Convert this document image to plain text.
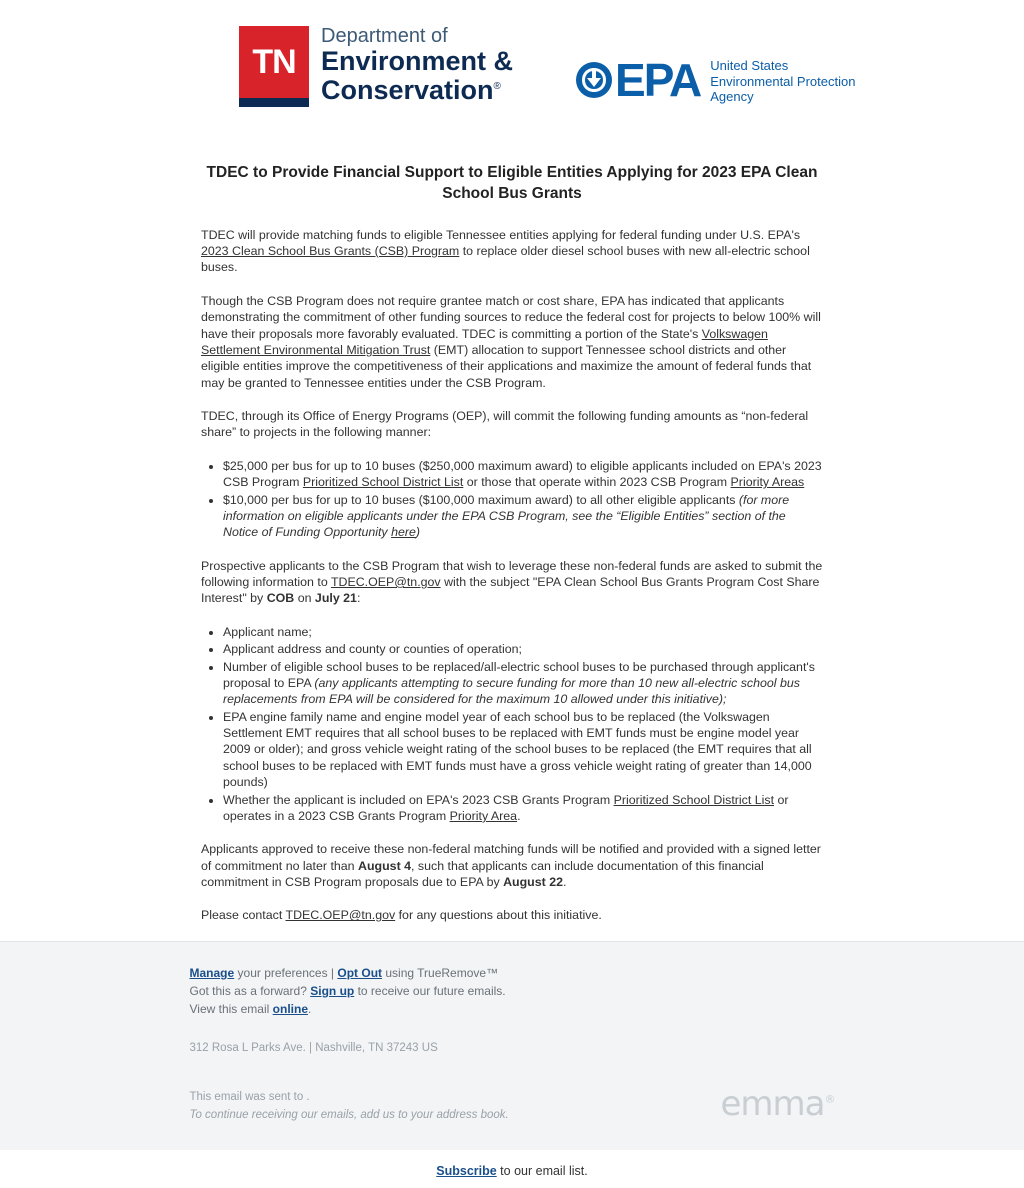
TN
Department of
Environment &
Conservation® EPA United States
Environmental Protection
Agency
TDEC to Provide Financial Support to Eligible Entities Applying for 2023 EPA Clean School Bus Grants

TDEC will provide matching funds to eligible Tennessee entities applying for federal funding under U.S. EPA's 2023 Clean School Bus Grants (CSB) Program to replace older diesel school buses with new all-electric school buses.

Though the CSB Program does not require grantee match or cost share, EPA has indicated that applicants demonstrating the commitment of other funding sources to reduce the federal cost for projects to below 100% will have their proposals more favorably evaluated. TDEC is committing a portion of the State's Volkswagen Settlement Environmental Mitigation Trust (EMT) allocation to support Tennessee school districts and other eligible entities improve the competitiveness of their applications and maximize the amount of federal funds that may be granted to Tennessee entities under the CSB Program.

TDEC, through its Office of Energy Programs (OEP), will commit the following funding amounts as “non-federal share” to projects in the following manner:

• $25,000 per bus for up to 10 buses ($250,000 maximum award) to eligible applicants included on EPA's 2023 CSB Program Prioritized School District List or those that operate within 2023 CSB Program Priority Areas
• $10,000 per bus for up to 10 buses ($100,000 maximum award) to all other eligible applicants (for more information on eligible applicants under the EPA CSB Program, see the “Eligible Entities” section of the Notice of Funding Opportunity here)

Prospective applicants to the CSB Program that wish to leverage these non-federal funds are asked to submit the following information to TDEC.OEP@tn.gov with the subject "EPA Clean School Bus Grants Program Cost Share Interest" by COB on July 21:

• Applicant name;
• Applicant address and county or counties of operation;
• Number of eligible school buses to be replaced/all-electric school buses to be purchased through applicant's proposal to EPA (any applicants attempting to secure funding for more than 10 new all-electric school bus replacements from EPA will be considered for the maximum 10 allowed under this initiative);
• EPA engine family name and engine model year of each school bus to be replaced (the Volkswagen Settlement EMT requires that all school buses to be replaced with EMT funds must be engine model year 2009 or older); and gross vehicle weight rating of the school buses to be replaced (the EMT requires that all school buses to be replaced with EMT funds must have a gross vehicle weight rating of greater than 14,000 pounds)
• Whether the applicant is included on EPA's 2023 CSB Grants Program Prioritized School District List or operates in a 2023 CSB Grants Program Priority Area.

Applicants approved to receive these non-federal matching funds will be notified and provided with a signed letter of commitment no later than August 4, such that applicants can include documentation of this financial commitment in CSB Program proposals due to EPA by August 22.

Please contact TDEC.OEP@tn.gov for any questions about this initiative.

Manage your preferences | Opt Out using TrueRemove™
Got this as a forward? Sign up to receive our future emails.
View this email online.
312 Rosa L Parks Ave. | Nashville, TN 37243 US
This email was sent to .
To continue receiving our emails, add us to your address book.	emma®
Subscribe to our email list.
